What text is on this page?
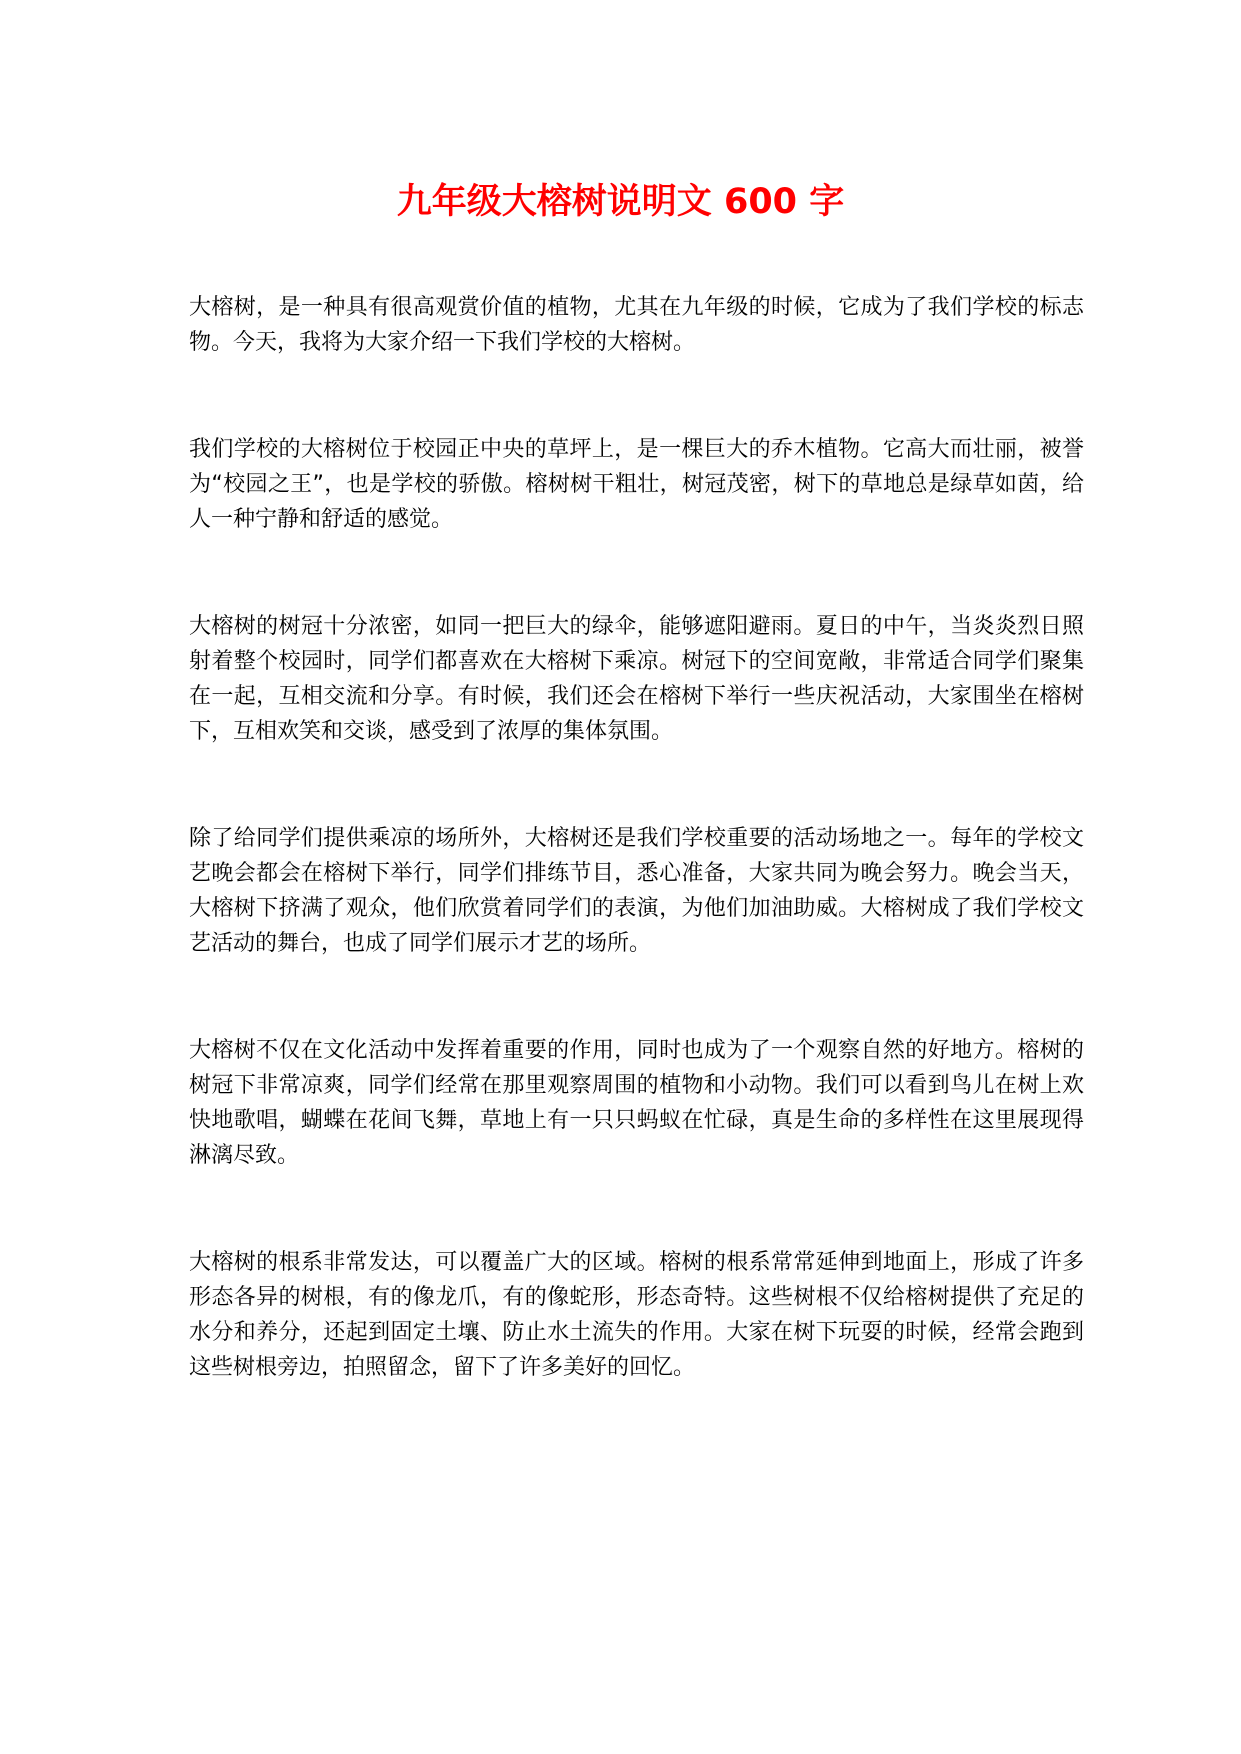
九年级大榕树说明文 600 字

大榕树，是一种具有很高观赏价值的植物，尤其在九年级的时候，它成为了我们学校的标志物。今天，我将为大家介绍一下我们学校的大榕树。

我们学校的大榕树位于校园正中央的草坪上，是一棵巨大的乔木植物。它高大而壮丽，被誉为“校园之王”，也是学校的骄傲。榕树树干粗壮，树冠茂密，树下的草地总是绿草如茵，给人一种宁静和舒适的感觉。

大榕树的树冠十分浓密，如同一把巨大的绿伞，能够遮阳避雨。夏日的中午，当炎炎烈日照射着整个校园时，同学们都喜欢在大榕树下乘凉。树冠下的空间宽敞，非常适合同学们聚集在一起，互相交流和分享。有时候，我们还会在榕树下举行一些庆祝活动，大家围坐在榕树下，互相欢笑和交谈，感受到了浓厚的集体氛围。

除了给同学们提供乘凉的场所外，大榕树还是我们学校重要的活动场地之一。每年的学校文艺晚会都会在榕树下举行，同学们排练节目，悉心准备，大家共同为晚会努力。晚会当天，大榕树下挤满了观众，他们欣赏着同学们的表演，为他们加油助威。大榕树成了我们学校文艺活动的舞台，也成了同学们展示才艺的场所。

大榕树不仅在文化活动中发挥着重要的作用，同时也成为了一个观察自然的好地方。榕树的树冠下非常凉爽，同学们经常在那里观察周围的植物和小动物。我们可以看到鸟儿在树上欢快地歌唱，蝴蝶在花间飞舞，草地上有一只只蚂蚁在忙碌，真是生命的多样性在这里展现得淋漓尽致。

大榕树的根系非常发达，可以覆盖广大的区域。榕树的根系常常延伸到地面上，形成了许多形态各异的树根，有的像龙爪，有的像蛇形，形态奇特。这些树根不仅给榕树提供了充足的水分和养分，还起到固定土壤、防止水土流失的作用。大家在树下玩耍的时候，经常会跑到这些树根旁边，拍照留念，留下了许多美好的回忆。
